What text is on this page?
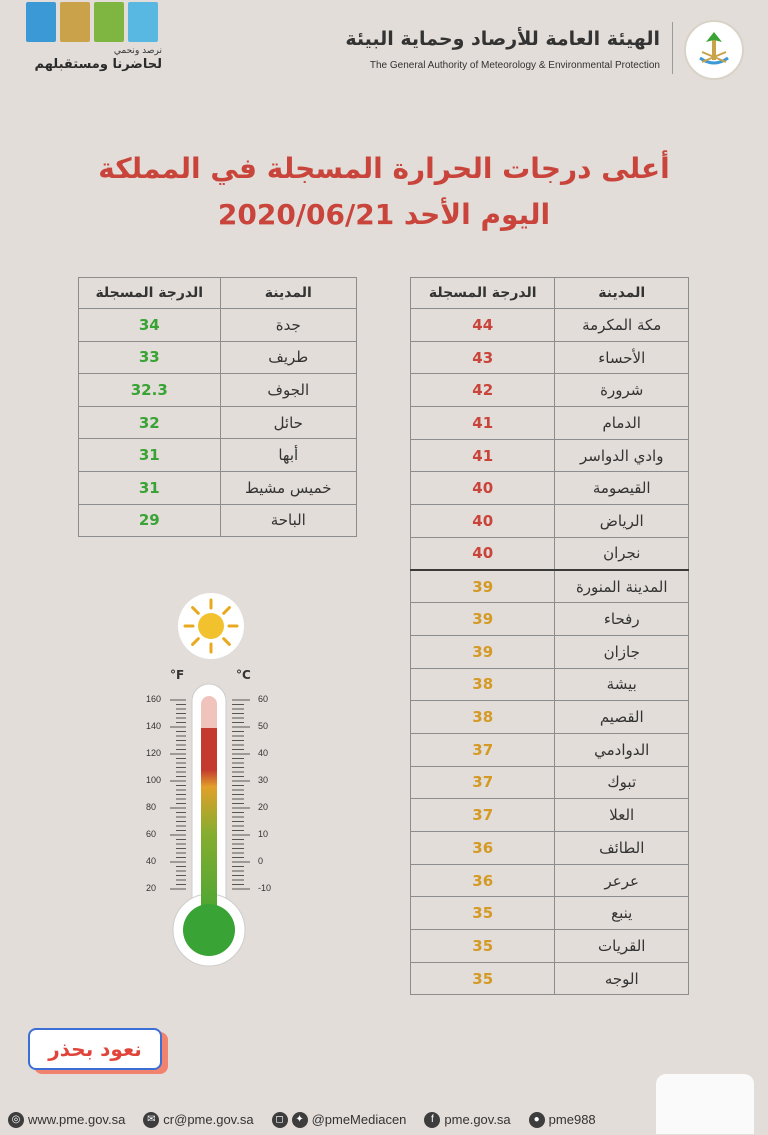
نرصد ونحمي
لحاضرنا ومستقبلهم
الهيئة العامة للأرصاد وحماية البيئة
The General Authority of Meteorology & Environmental Protection
أعلى درجات الحرارة المسجلة في المملكة
اليوم الأحد 2020/06/21
المدينة	الدرجة المسجلة
مكة المكرمة	44
الأحساء	43
شرورة	42
الدمام	41
وادي الدواسر	41
القيصومة	40
الرياض	40
نجران	40
المدينة المنورة	39
رفحاء	39
جازان	39
بيشة	38
القصيم	38
الدوادمي	37
تبوك	37
العلا	37
الطائف	36
عرعر	36
ينبع	35
القريات	35
الوجه	35
المدينة	الدرجة المسجلة
جدة	34
طريف	33
الجوف	32.3
حائل	32
أبها	31
خميس مشيط	31
الباحة	29
°F	°C
160
140
120
100
80
60
40
20
60
50
40
30
20
10
0
-10
نعود بحذر
◎ www.pme.gov.sa	✉ cr@pme.gov.sa	◻	✦ @pmeMediacen	f pme.gov.sa	● pme988
